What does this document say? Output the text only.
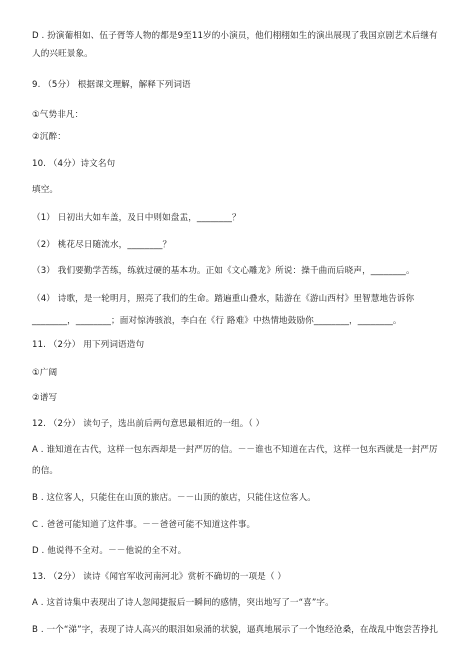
D . 扮演葡相如、伍子胥等人物的都是9至11岁的小演员，他们栩栩如生的演出展现了我国京剧艺术后继有
人的兴旺景象。
9. （5分） 根据课文理解，解释下列词语
①气势非凡：
②沉醉：
10. （4分）诗文名句
填空。
（1） 日初出大如车盖，及日中则如盘盂，________？
（2） 桃花尽日随流水，________？
（3） 我们要勤学苦练，练就过硬的基本功。正如《文心雕龙》所说：操千曲而后晓声，________。
（4） 诗歌，是一轮明月，照亮了我们的生命。踏遍重山叠水，陆游在《游山西村》里智慧地告诉你
________，________；面对惊涛骇浪，李白在《行 路难》中热情地鼓励你________，________。
11. （2分） 用下列词语造句
①广阔
②谱写
12. （2分） 读句子，选出前后两句意思最相近的一组。（ ）
A . 谁知道在古代，这样一包东西却是一封严厉的信。－－谁也不知道在古代，这样一包东西就是一封严厉
的信。
B . 这位客人，只能住在山顶的旅店。－－山顶的旅店，只能住这位客人。
C . 爸爸可能知道了这件事。－－爸爸可能不知道这件事。
D . 他说得不全对。－－他说的全不对。
13. （2分） 读诗《闻官军收河南河北》赏析不确切的一项是（ ）
A . 这首诗集中表现出了诗人忽闻捷报后一瞬间的感情，突出地写了一“喜”字。
B . 一个“涕”字，表现了诗人高兴的眼泪如泉涌的状貌，逼真地展示了一个饱经沧桑，在战乱中饱尝苦挣扎
